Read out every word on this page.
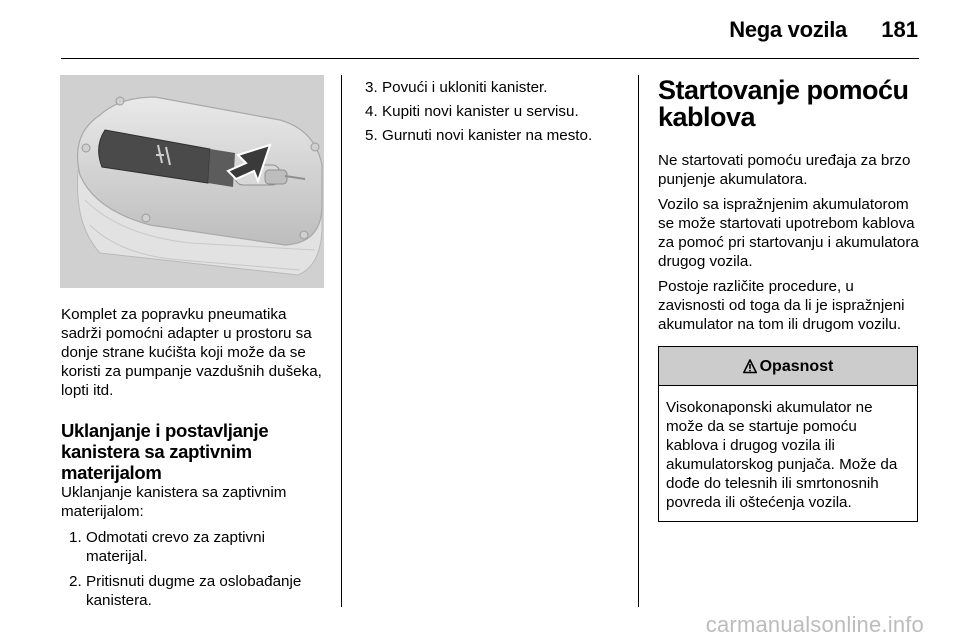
Nega vozila 181

Komplet za popravku pneumatika sadrži pomoćni adapter u prostoru sa donje strane kućišta koji može da se koristi za pumpanje vazdušnih dušeka, lopti itd.

Uklanjanje i postavljanje kanistera sa zaptivnim materijalom

Uklanjanje kanistera sa zaptivnim materijalom:

1. Odmotati crevo za zaptivni materijal.
2. Pritisnuti dugme za oslobađanje kanistera.
3. Povući i ukloniti kanister.
4. Kupiti novi kanister u servisu.
5. Gurnuti novi kanister na mesto.
Startovanje pomoću kablova

Ne startovati pomoću uređaja za brzo punjenje akumulatora.

Vozilo sa ispražnjenim akumulatorom se može startovati upotrebom kablova za pomoć pri startovanju i akumulatora drugog vozila.

Postoje različite procedure, u zavisnosti od toga da li je ispražnjeni akumulator na tom ili drugom vozilu.

Opasnost

Visokonaponski akumulator ne može da se startuje pomoću kablova i drugog vozila ili akumulatorskog punjača. Može da dođe do telesnih ili smrtonosnih povreda ili oštećenja vozila.

carmanualsonline.info
